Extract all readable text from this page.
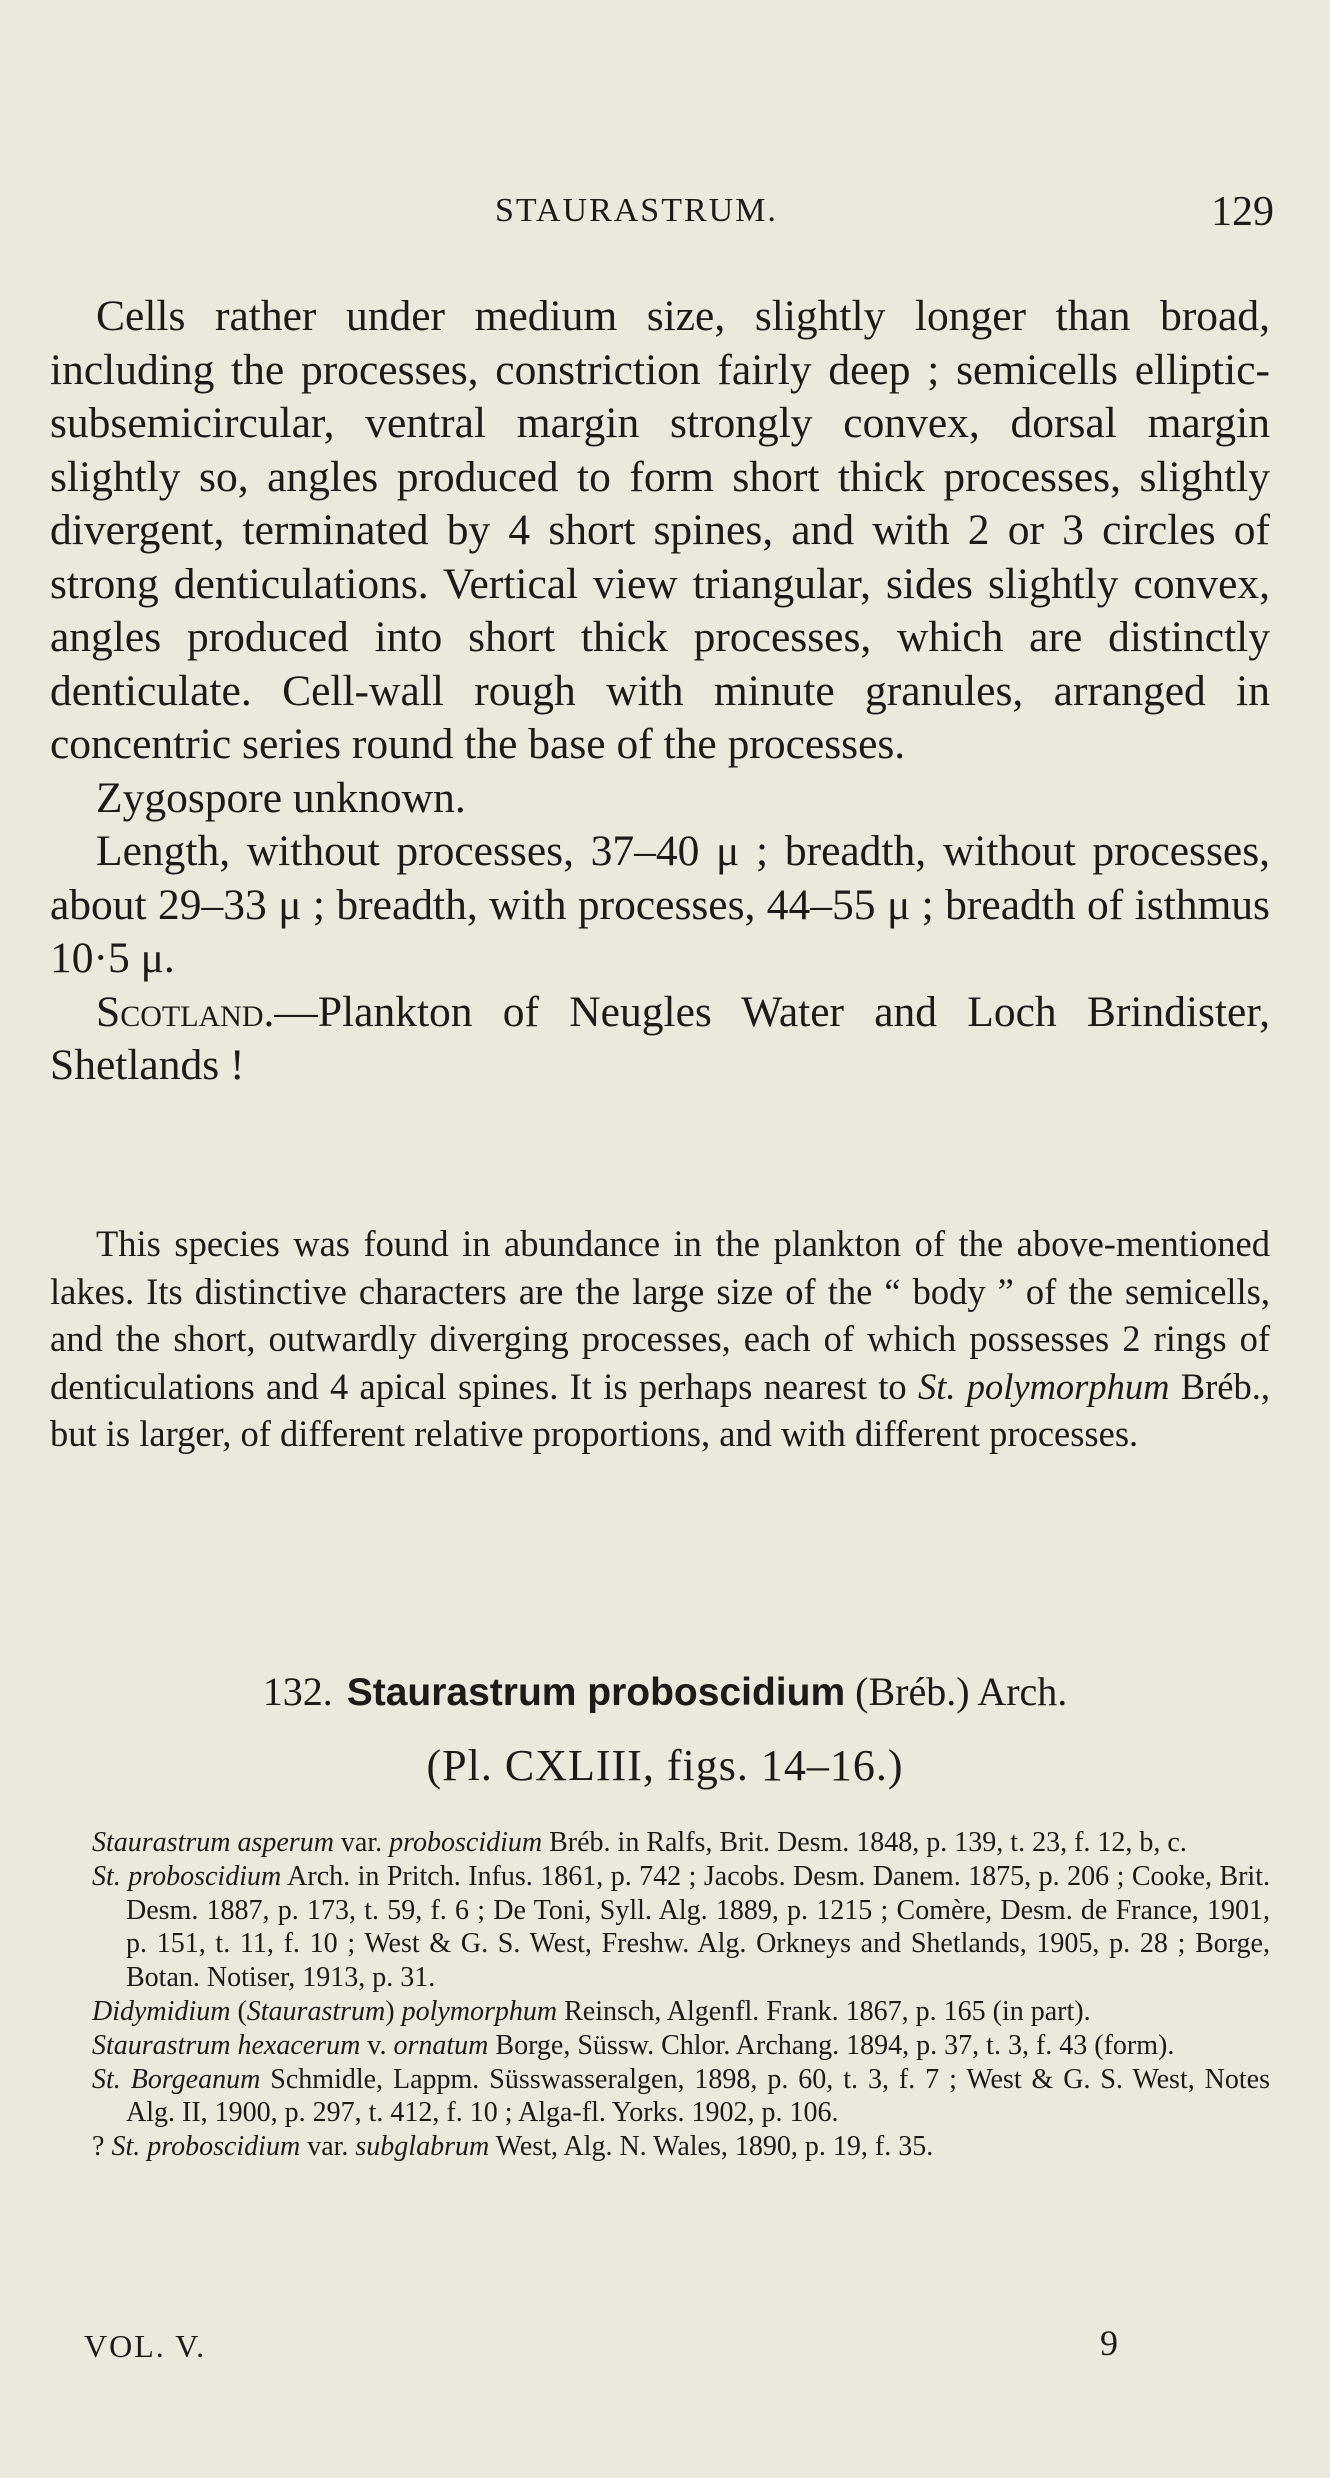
STAURASTRUM.	129

Cells rather under medium size, slightly longer than broad, including the processes, constriction fairly deep ; semicells elliptic-subsemicircular, ventral margin strongly convex, dorsal margin slightly so, angles produced to form short thick processes, slightly divergent, terminated by 4 short spines, and with 2 or 3 circles of strong denticulations. Vertical view triangular, sides slightly convex, angles produced into short thick processes, which are distinctly denticulate. Cell-wall rough with minute granules, arranged in concentric series round the base of the processes.

Zygospore unknown.

Length, without processes, 37–40 μ ; breadth, without processes, about 29–33 μ ; breadth, with processes, 44–55 μ ; breadth of isthmus 10·5 μ.

Scotland.—Plankton of Neugles Water and Loch Brindister, Shetlands !

This species was found in abundance in the plankton of the above-mentioned lakes. Its distinctive characters are the large size of the “ body ” of the semicells, and the short, outwardly diverging processes, each of which possesses 2 rings of denticulations and 4 apical spines. It is perhaps nearest to St. polymorphum Bréb., but is larger, of different relative proportions, and with different processes.

132. Staurastrum proboscidium (Bréb.) Arch.
(Pl. CXLIII, figs. 14–16.)

Staurastrum asperum var. proboscidium Bréb. in Ralfs, Brit. Desm. 1848, p. 139, t. 23, f. 12, b, c.

St. proboscidium Arch. in Pritch. Infus. 1861, p. 742 ; Jacobs. Desm. Danem. 1875, p. 206 ; Cooke, Brit. Desm. 1887, p. 173, t. 59, f. 6 ; De Toni, Syll. Alg. 1889, p. 1215 ; Comère, Desm. de France, 1901, p. 151, t. 11, f. 10 ; West & G. S. West, Freshw. Alg. Orkneys and Shetlands, 1905, p. 28 ; Borge, Botan. Notiser, 1913, p. 31.

Didymidium (Staurastrum) polymorphum Reinsch, Algenfl. Frank. 1867, p. 165 (in part).

Staurastrum hexacerum v. ornatum Borge, Süssw. Chlor. Archang. 1894, p. 37, t. 3, f. 43 (form).

St. Borgeanum Schmidle, Lappm. Süsswasseralgen, 1898, p. 60, t. 3, f. 7 ; West & G. S. West, Notes Alg. II, 1900, p. 297, t. 412, f. 10 ; Alga-fl. Yorks. 1902, p. 106.

? St. proboscidium var. subglabrum West, Alg. N. Wales, 1890, p. 19, f. 35.

VOL. V.	9
